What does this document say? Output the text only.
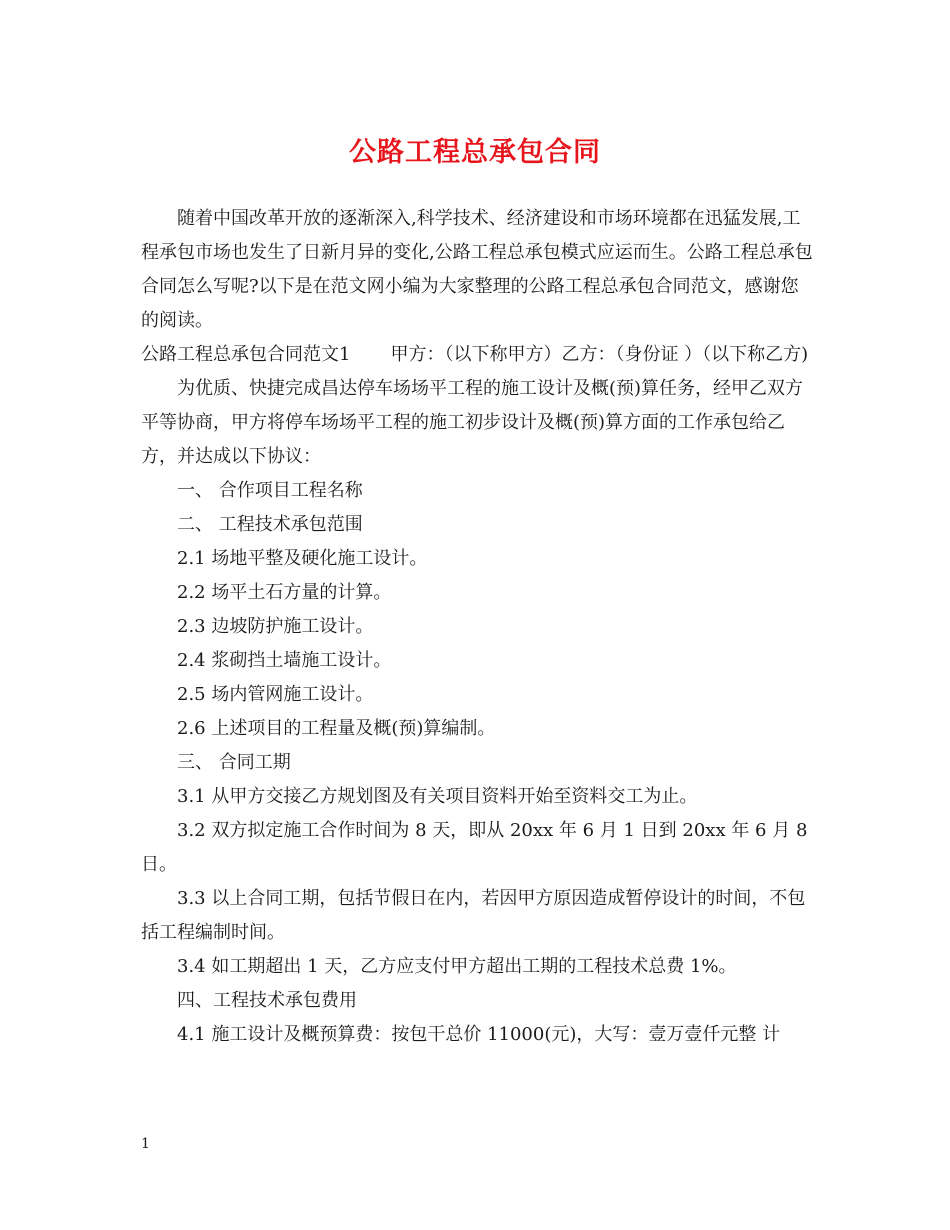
公路工程总承包合同

随着中国改革开放的逐渐深入,科学技术、经济建设和市场环境都在迅猛发展,工程承包市场也发生了日新月异的变化,公路工程总承包模式应运而生。公路工程总承包合同怎么写呢?以下是在范文网小编为大家整理的公路工程总承包合同范文，感谢您的阅读。

公路工程总承包合同范文1 甲方：（以下称甲方）乙方：（身份证 ）（以下称乙方)

为优质、快捷完成昌达停车场场平工程的施工设计及概(预)算任务，经甲乙双方平等协商，甲方将停车场场平工程的施工初步设计及概(预)算方面的工作承包给乙方，并达成以下协议：

一、 合作项目工程名称

二、 工程技术承包范围

2.1 场地平整及硬化施工设计。

2.2 场平土石方量的计算。

2.3 边坡防护施工设计。

2.4 浆砌挡土墙施工设计。

2.5 场内管网施工设计。

2.6 上述项目的工程量及概(预)算编制。

三、 合同工期

3.1 从甲方交接乙方规划图及有关项目资料开始至资料交工为止。

3.2 双方拟定施工合作时间为 8 天，即从 20xx 年 6 月 1 日到 20xx 年 6 月 8 日。

3.3 以上合同工期，包括节假日在内，若因甲方原因造成暂停设计的时间，不包括工程编制时间。

3.4 如工期超出 1 天，乙方应支付甲方超出工期的工程技术总费 1%。

四、工程技术承包费用

4.1 施工设计及概预算费：按包干总价 11000(元)，大写：壹万壹仟元整 计

1
